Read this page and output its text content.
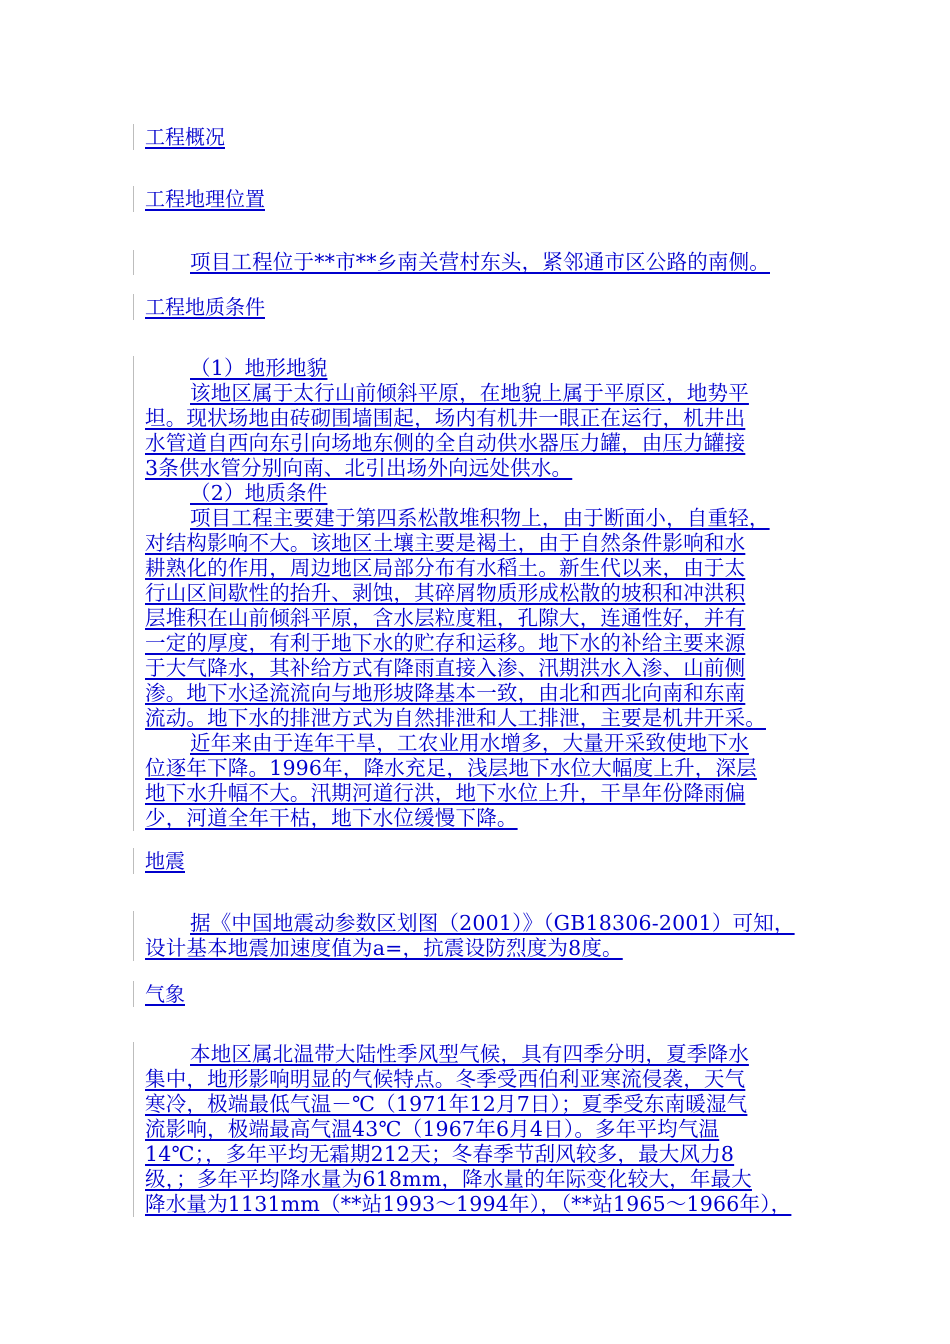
工程概况
工程地理位置
项目工程位于**市**乡南关营村东头，紧邻通市区公路的南侧。
工程地质条件
（1）地形地貌
该地区属于太行山前倾斜平原，在地貌上属于平原区，地势平
坦。现状场地由砖砌围墙围起，场内有机井一眼正在运行，机井出
水管道自西向东引向场地东侧的全自动供水器压力罐，由压力罐接
3条供水管分别向南、北引出场外向远处供水。
（2）地质条件
项目工程主要建于第四系松散堆积物上，由于断面小，自重轻，
对结构影响不大。该地区土壤主要是褐土，由于自然条件影响和水
耕熟化的作用，周边地区局部分布有水稻土。新生代以来，由于太
行山区间歇性的抬升、剥蚀，其碎屑物质形成松散的坡积和冲洪积
层堆积在山前倾斜平原，含水层粒度粗，孔隙大，连通性好，并有
一定的厚度，有利于地下水的贮存和运移。地下水的补给主要来源
于大气降水，其补给方式有降雨直接入渗、汛期洪水入渗、山前侧
渗。地下水迳流流向与地形坡降基本一致，由北和西北向南和东南
流动。地下水的排泄方式为自然排泄和人工排泄，主要是机井开采。
近年来由于连年干旱，工农业用水增多，大量开采致使地下水
位逐年下降。1996年，降水充足，浅层地下水位大幅度上升，深层
地下水升幅不大。汛期河道行洪，地下水位上升，干旱年份降雨偏
少，河道全年干枯，地下水位缓慢下降。
地震
据《中国地震动参数区划图（2001）》（GB18306-2001）可知，
设计基本地震加速度值为a=，抗震设防烈度为8度。
气象
本地区属北温带大陆性季风型气候，具有四季分明，夏季降水
集中，地形影响明显的气候特点。冬季受西伯利亚寒流侵袭，天气
寒冷，极端最低气温－℃（1971年12月7日）；夏季受东南暖湿气
流影响，极端最高气温43℃（1967年6月4日）。多年平均气温
14℃；，多年平均无霜期212天；冬春季节刮风较多，最大风力8
级，；多年平均降水量为618mm，降水量的年际变化较大，年最大
降水量为1131mm（**站1993～1994年），（**站1965～1966年），
